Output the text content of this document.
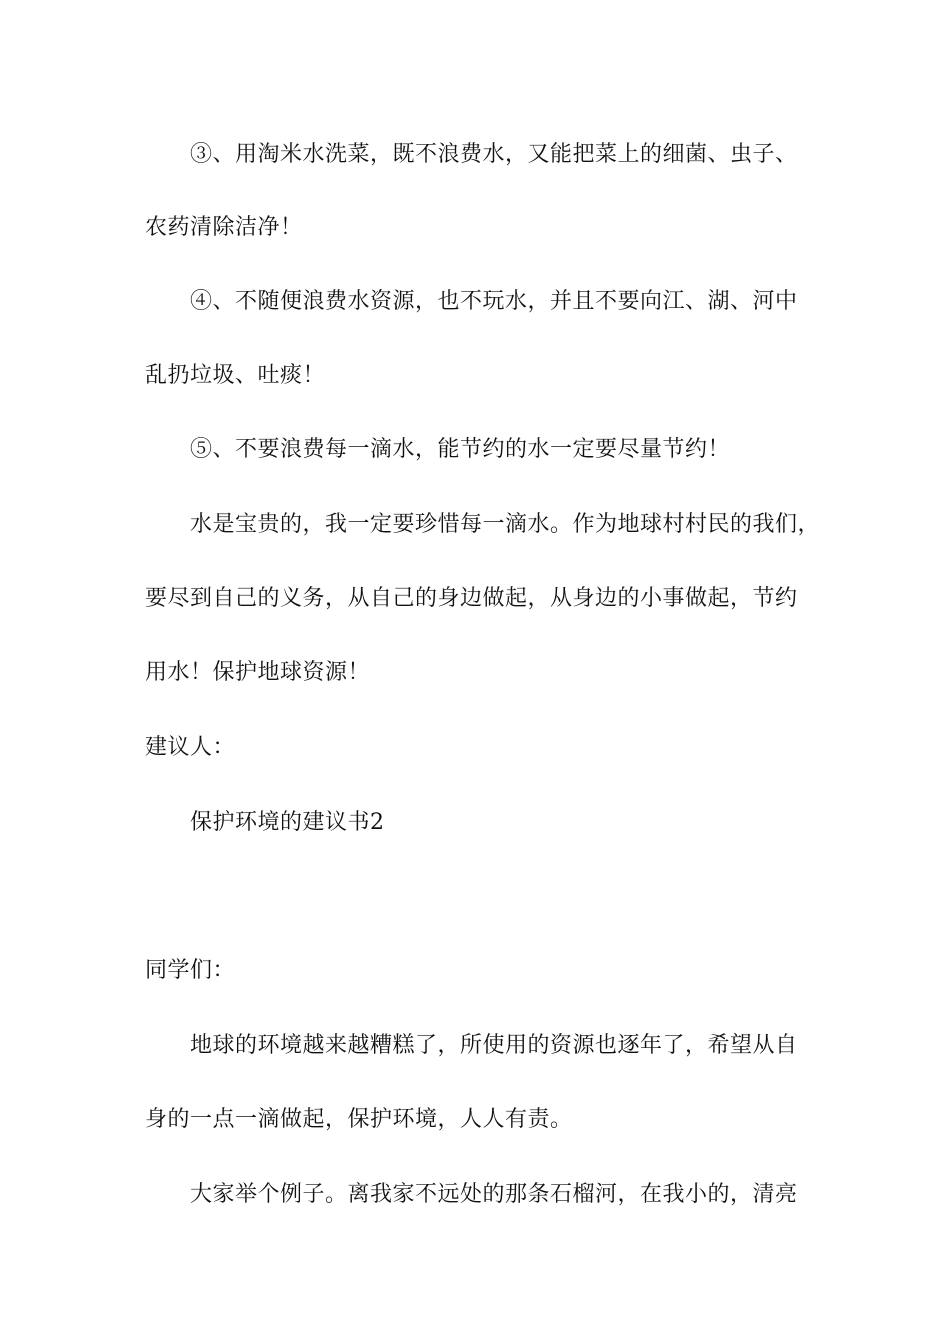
③、用淘米水洗菜，既不浪费水，又能把菜上的细菌、虫子、
农药清除洁净！
④、不随便浪费水资源，也不玩水，并且不要向江、湖、河中
乱扔垃圾、吐痰！
⑤、不要浪费每一滴水，能节约的水一定要尽量节约！
水是宝贵的，我一定要珍惜每一滴水。作为地球村村民的我们，
要尽到自己的义务，从自己的身边做起，从身边的小事做起，节约
用水！保护地球资源！
建议人：
保护环境的建议书2
同学们：
地球的环境越来越糟糕了，所使用的资源也逐年了，希望从自
身的一点一滴做起，保护环境，人人有责。
大家举个例子。离我家不远处的那条石榴河，在我小的，清亮
